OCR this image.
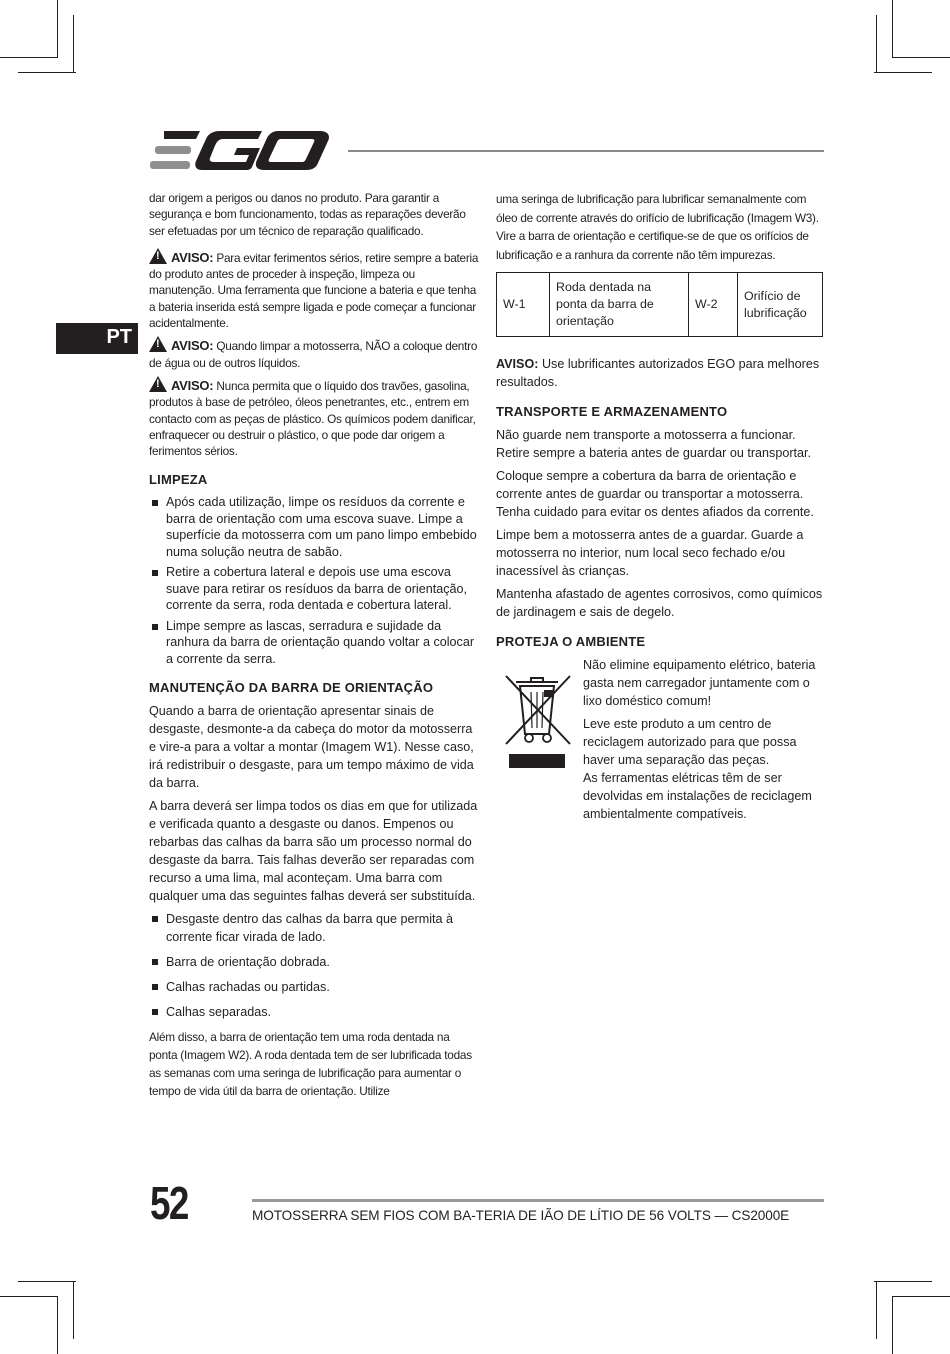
PT

dar origem a perigos ou danos no produto. Para garantir a segurança e bom funcionamento, todas as reparações deverão ser efetuadas por um técnico de reparação qualificado.

!AVISO: Para evitar ferimentos sérios, retire sempre a bateria do produto antes de proceder à inspeção, limpeza ou manutenção. Uma ferramenta que funcione a bateria e que tenha a bateria inserida está sempre ligada e pode começar a funcionar acidentalmente.

!AVISO: Quando limpar a motosserra, NÃO a coloque dentro de água ou de outros líquidos.

!AVISO: Nunca permita que o líquido dos travões, gasolina, produtos à base de petróleo, óleos penetrantes, etc., entrem em contacto com as peças de plástico. Os químicos podem danificar, enfraquecer ou destruir o plástico, o que pode dar origem a ferimentos sérios.

LIMPEZA
Após cada utilização, limpe os resíduos da corrente e barra de orientação com uma escova suave. Limpe a superfície da motosserra com um pano limpo embebido numa solução neutra de sabão.
Retire a cobertura lateral e depois use uma escova suave para retirar os resíduos da barra de orientação, corrente da serra, roda dentada e cobertura lateral.
Limpe sempre as lascas, serradura e sujidade da ranhura da barra de orientação quando voltar a colocar a corrente da serra.
MANUTENÇÃO DA BARRA DE ORIENTAÇÃO

Quando a barra de orientação apresentar sinais de desgaste, desmonte-a da cabeça do motor da motosserra e vire-a para a voltar a montar (Imagem W1). Nesse caso, irá redistribuir o desgaste, para um tempo máximo de vida da barra.

A barra deverá ser limpa todos os dias em que for utilizada e verificada quanto a desgaste ou danos. Empenos ou rebarbas das calhas da barra são um processo normal do desgaste da barra. Tais falhas deverão ser reparadas com recurso a uma lima, mal aconteçam. Uma barra com qualquer uma das seguintes falhas deverá ser substituída.

Desgaste dentro das calhas da barra que permita à corrente ficar virada de lado.
Barra de orientação dobrada.
Calhas rachadas ou partidas.
Calhas separadas.

Além disso, a barra de orientação tem uma roda dentada na ponta (Imagem W2). A roda dentada tem de ser lubrificada todas as semanas com uma seringa de lubrificação para aumentar o tempo de vida útil da barra de orientação. Utilize

uma seringa de lubrificação para lubrificar semanalmente com óleo de corrente através do orifício de lubrificação (Imagem W3). Vire a barra de orientação e certifique-se de que os orifícios de lubrificação e a ranhura da corrente não têm impurezas.

W-1	Roda dentada na ponta da barra de orientação	W-2	Orifício de lubrificação

AVISO: Use lubrificantes autorizados EGO para melhores resultados.

TRANSPORTE E ARMAZENAMENTO

Não guarde nem transporte a motosserra a funcionar. Retire sempre a bateria antes de guardar ou transportar.

Coloque sempre a cobertura da barra de orientação e corrente antes de guardar ou transportar a motosserra. Tenha cuidado para evitar os dentes afiados da corrente.

Limpe bem a motosserra antes de a guardar. Guarde a motosserra no interior, num local seco fechado e/ou inacessível às crianças.

Mantenha afastado de agentes corrosivos, como químicos de jardinagem e sais de degelo.

PROTEJA O AMBIENTE

Não elimine equipamento elétrico, bateria gasta nem carregador juntamente com o lixo doméstico comum!

Leve este produto a um centro de reciclagem autorizado para que possa haver uma separação das peças.

As ferramentas elétricas têm de ser devolvidas em instalações de reciclagem ambientalmente compatíveis.

52	MOTOSSERRA SEM FIOS COM BA-TERIA DE IÃO DE LÍTIO DE 56 VOLTS — CS2000E
